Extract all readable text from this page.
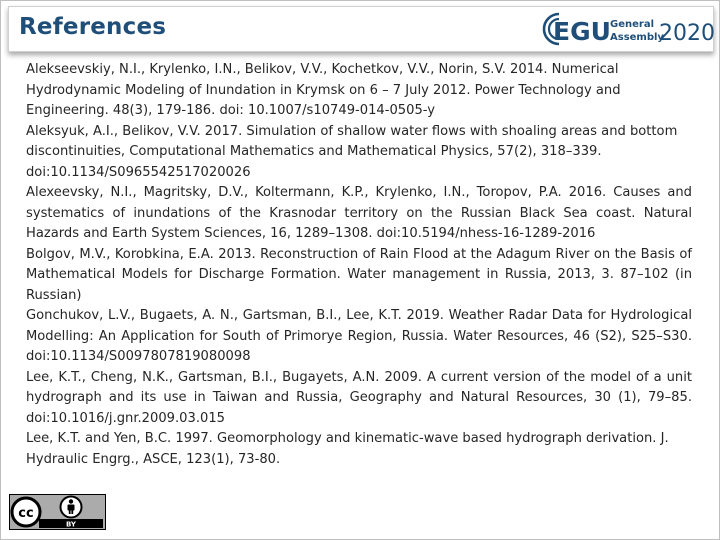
References	EGU General
Assembly
2020

Alekseevskiy, N.I., Krylenko, I.N., Belikov, V.V., Kochetkov, V.V., Norin, S.V. 2014. Numerical Hydrodynamic Modeling of Inundation in Krymsk on 6 – 7 July 2012. Power Technology and Engineering. 48(3), 179-186. doi: 10.1007/s10749-014-0505-y

Aleksyuk, A.I., Belikov, V.V. 2017. Simulation of shallow water flows with shoaling areas and bottom discontinuities, Computational Mathematics and Mathematical Physics, 57(2), 318–339. doi:10.1134/S0965542517020026

Alexeevsky, N.I., Magritsky, D.V., Koltermann, K.P., Krylenko, I.N., Toropov, P.A. 2016. Causes and systematics of inundations of the Krasnodar territory on the Russian Black Sea coast. Natural Hazards and Earth System Sciences, 16, 1289–1308. doi:10.5194/nhess-16-1289-2016

Bolgov, M.V., Korobkina, E.A. 2013. Reconstruction of Rain Flood at the Adagum River on the Basis of Mathematical Models for Discharge Formation. Water management in Russia, 2013, 3. 87–102 (in Russian)

Gonchukov, L.V., Bugaets, A. N., Gartsman, B.I., Lee, K.T. 2019. Weather Radar Data for Hydrological Modelling: An Application for South of Primorye Region, Russia. Water Resources, 46 (S2), S25–S30. doi:10.1134/S0097807819080098

Lee, K.T., Cheng, N.K., Gartsman, B.I., Bugayets, A.N. 2009. A current version of the model of a unit hydrograph and its use in Taiwan and Russia, Geography and Natural Resources, 30 (1), 79–85. doi:10.1016/j.gnr.2009.03.015

Lee, K.T. and Yen, B.C. 1997. Geomorphology and kinematic-wave based hydrograph derivation. J. Hydraulic Engrg., ASCE, 123(1), 73-80.

cc
BY
